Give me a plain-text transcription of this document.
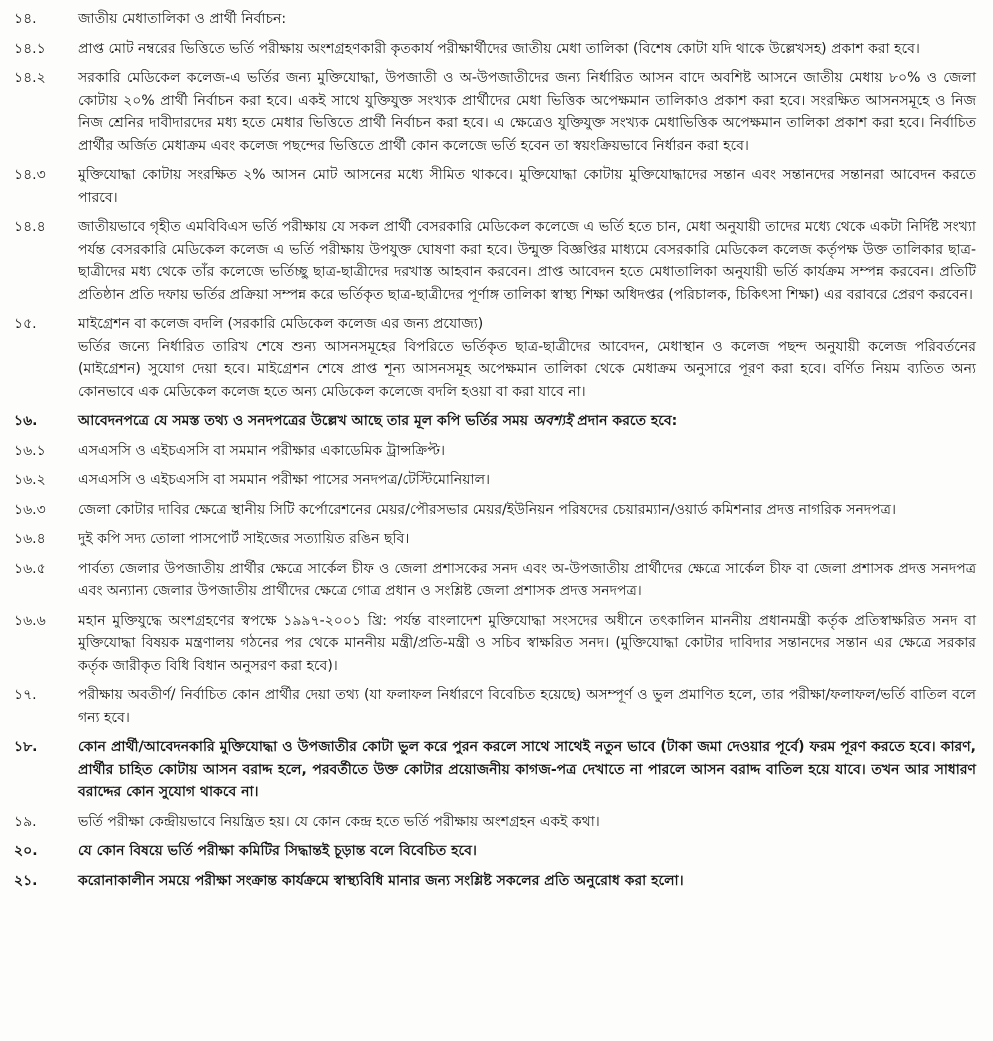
১৪.	জাতীয় মেধাতালিকা ও প্রার্থী নির্বাচন:
১৪.১	প্রাপ্ত মোট নম্বরের ভিত্তিতে ভর্তি পরীক্ষায় অংশগ্রহণকারী কৃতকার্য পরীক্ষার্থীদের জাতীয় মেধা তালিকা (বিশেষ কোটা যদি থাকে উল্লেখসহ) প্রকাশ করা হবে।
১৪.২	সরকারি মেডিকেল কলেজ-এ ভর্তির জন্য মুক্তিযোদ্ধা, উপজাতী ও অ-উপজাতীদের জন্য নির্ধারিত আসন বাদে অবশিষ্ট আসনে জাতীয় মেধায় ৮০% ও জেলা কোটায় ২০% প্রার্থী নির্বাচন করা হবে। একই সাথে যুক্তিযুক্ত সংখ্যক প্রার্থীদের মেধা ভিত্তিক অপেক্ষমান তালিকাও প্রকাশ করা হবে। সংরক্ষিত আসনসমূহে ও নিজ নিজ শ্রেনির দাবীদারদের মধ্য হতে মেধার ভিত্তিতে প্রার্থী নির্বাচন করা হবে। এ ক্ষেত্রেও যুক্তিযুক্ত সংখ্যক মেধাভিত্তিক অপেক্ষমান তালিকা প্রকাশ করা হবে। নির্বাচিত প্রার্থীর অর্জিত মেধাক্রম এবং কলেজ পছন্দের ভিত্তিতে প্রার্থী কোন কলেজে ভর্তি হবেন তা স্বয়ংক্রিয়ভাবে নির্ধারন করা হবে।
১৪.৩	মুক্তিযোদ্ধা কোটায় সংরক্ষিত ২% আসন মোট আসনের মধ্যে সীমিত থাকবে। মুক্তিযোদ্ধা কোটায় মুক্তিযোদ্ধাদের সন্তান এবং সন্তানদের সন্তানরা আবেদন করতে পারবে।
১৪.৪	জাতীয়ভাবে গৃহীত এমবিবিএস ভর্তি পরীক্ষায় যে সকল প্রার্থী বেসরকারি মেডিকেল কলেজে এ ভর্তি হতে চান, মেধা অনুযায়ী তাদের মধ্যে থেকে একটা নির্দিষ্ট সংখ্যা পর্যন্ত বেসরকারি মেডিকেল কলেজ এ ভর্তি পরীক্ষায় উপযুক্ত ঘোষণা করা হবে। উন্মুক্ত বিজ্ঞপ্তির মাধ্যমে বেসরকারি মেডিকেল কলেজ কর্তৃপক্ষ উক্ত তালিকার ছাত্র-ছাত্রীদের মধ্য থেকে তাঁর কলেজে ভর্তিচ্ছু ছাত্র-ছাত্রীদের দরখাস্ত আহবান করবেন। প্রাপ্ত আবেদন হতে মেধাতালিকা অনুযায়ী ভর্তি কার্যক্রম সম্পন্ন করবেন। প্রতিটি প্রতিষ্ঠান প্রতি দফায় ভর্তির প্রক্রিয়া সম্পন্ন করে ভর্তিকৃত ছাত্র-ছাত্রীদের পূর্ণাঙ্গ তালিকা স্বাস্থ্য শিক্ষা অধিদপ্তর (পরিচালক, চিকিৎসা শিক্ষা) এর বরাবরে প্রেরণ করবেন।
১৫.	মাইগ্রেশন বা কলেজ বদলি (সরকারি মেডিকেল কলেজ এর জন্য প্রযোজ্য)
ভর্তির জন্যে নির্ধারিত তারিখ শেষে শুন্য আসনসমূহের বিপরিতে ভর্তিকৃত ছাত্র-ছাত্রীদের আবেদন, মেধাস্থান ও কলেজ পছন্দ অনুযায়ী কলেজ পরিবর্তনের (মাইগ্রেশন) সুযোগ দেয়া হবে। মাইগ্রেশন শেষে প্রাপ্ত শূন্য আসনসমূহ অপেক্ষমান তালিকা থেকে মেধাক্রম অনুসারে পূরণ করা হবে। বর্ণিত নিয়ম ব্যতিত অন্য কোনভাবে এক মেডিকেল কলেজ হতে অন্য মেডিকেল কলেজে বদলি হওয়া বা করা যাবে না।
১৬.	আবেদনপত্রে যে সমস্ত তথ্য ও সনদপত্রের উল্লেখ আছে তার মূল কপি ভর্তির সময় অবশ্যই প্রদান করতে হবে:
১৬.১	এসএসসি ও এইচএসসি বা সমমান পরীক্ষার একাডেমিক ট্রান্সক্রিপ্ট।
১৬.২	এসএসসি ও এইচএসসি বা সমমান পরীক্ষা পাসের সনদপত্র/টেস্টিমোনিয়াল।
১৬.৩	জেলা কোটার দাবির ক্ষেত্রে স্থানীয় সিটি কর্পোরেশনের মেয়র/পৌরসভার মেয়র/ইউনিয়ন পরিষদের চেয়ারম্যান/ওয়ার্ড কমিশনার প্রদত্ত নাগরিক সনদপত্র।
১৬.৪	দুই কপি সদ্য তোলা পাসপোর্ট সাইজের সত্যায়িত রঙিন ছবি।
১৬.৫	পার্বত্য জেলার উপজাতীয় প্রার্থীর ক্ষেত্রে সার্কেল চীফ ও জেলা প্রশাসকের সনদ এবং অ-উপজাতীয় প্রার্থীদের ক্ষেত্রে সার্কেল চীফ বা জেলা প্রশাসক প্রদত্ত সনদপত্র এবং অন্যান্য জেলার উপজাতীয় প্রার্থীদের ক্ষেত্রে গোত্র প্রধান ও সংশ্লিষ্ট জেলা প্রশাসক প্রদত্ত সনদপত্র।
১৬.৬	মহান মুক্তিযুদ্ধে অংশগ্রহণের স্বপক্ষে ১৯৯৭-২০০১ খ্রি: পর্যন্ত বাংলাদেশ মুক্তিযোদ্ধা সংসদের অধীনে তৎকালিন মাননীয় প্রধানমন্ত্রী কর্তৃক প্রতিস্বাক্ষরিত সনদ বা মুক্তিযোদ্ধা বিষয়ক মন্ত্রণালয় গঠনের পর থেকে মাননীয় মন্ত্রী/প্রতি-মন্ত্রী ও সচিব স্বাক্ষরিত সনদ। (মুক্তিযোদ্ধা কোটার দাবিদার সন্তানদের সন্তান এর ক্ষেত্রে সরকার কর্তৃক জারীকৃত বিধি বিধান অনুসরণ করা হবে)।
১৭.	পরীক্ষায় অবতীর্ণ/ নির্বাচিত কোন প্রার্থীর দেয়া তথ্য (যা ফলাফল নির্ধারণে বিবেচিত হয়েছে) অসম্পূর্ণ ও ভুল প্রমাণিত হলে, তার পরীক্ষা/ফলাফল/ভর্তি বাতিল বলে গন্য হবে।
১৮.	কোন প্রার্থী/আবেদনকারি মুক্তিযোদ্ধা ও উপজাতীর কোটা ভুল করে পুরন করলে সাথে সাথেই নতুন ভাবে (টাকা জমা দেওয়ার পূর্বে) ফরম পূরণ করতে হবে। কারণ, প্রার্থীর চাহিত কোটায় আসন বরাদ্দ হলে, পরবর্তীতে উক্ত কোটার প্রয়োজনীয় কাগজ-পত্র দেখাতে না পারলে আসন বরাদ্দ বাতিল হয়ে যাবে। তখন আর সাধারণ বরাদ্দের কোন সুযোগ থাকবে না।
১৯.	ভর্তি পরীক্ষা কেন্দ্রীয়ভাবে নিয়ন্ত্রিত হয়। যে কোন কেন্দ্র হতে ভর্তি পরীক্ষায় অংশগ্রহন একই কথা।
২০.	যে কোন বিষয়ে ভর্তি পরীক্ষা কমিটির সিদ্ধান্তই চূড়ান্ত বলে বিবেচিত হবে।
২১.	করোনাকালীন সময়ে পরীক্ষা সংক্রান্ত কার্যক্রমে স্বাস্থ্যবিধি মানার জন্য সংশ্লিষ্ট সকলের প্রতি অনুরোধ করা হলো।
